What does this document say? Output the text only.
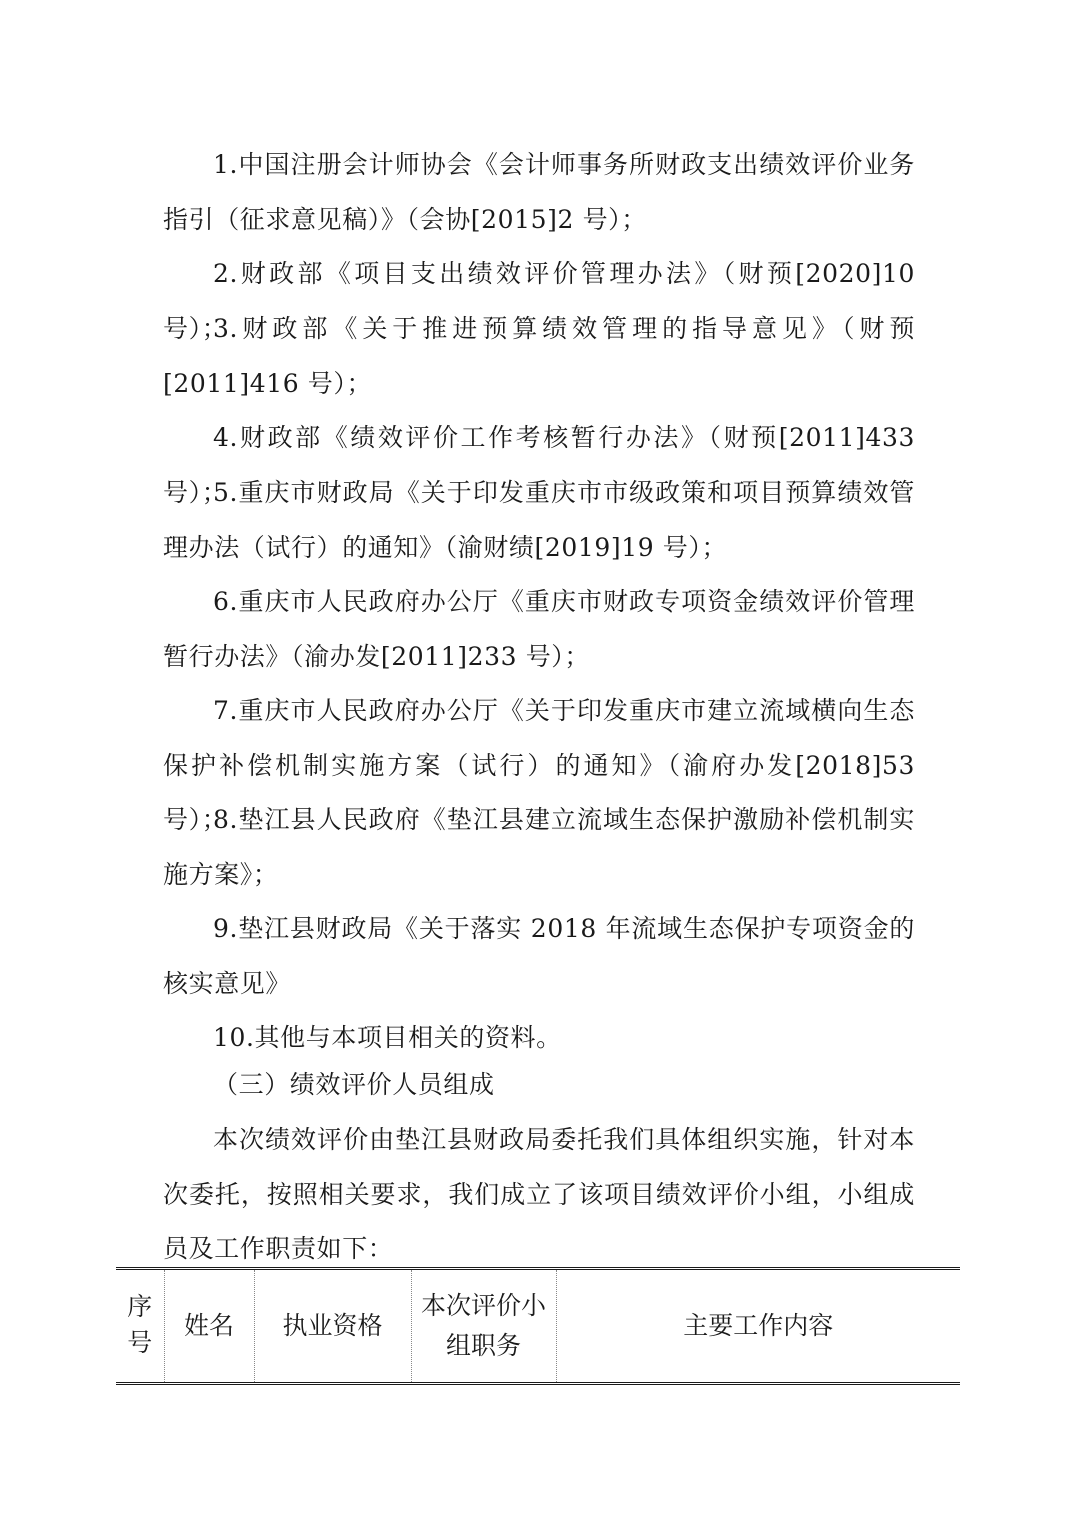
1.中国注册会计师协会《会计师事务所财政支出绩效评价业务指引（征求意见稿）》（会协[2015]2 号）；

2.财政部《项目支出绩效评价管理办法》（财预[2020]10 号）；

3.财政部《关于推进预算绩效管理的指导意见》（财预[2011]416 号）；

4.财政部《绩效评价工作考核暂行办法》（财预[2011]433 号）；

5.重庆市财政局《关于印发重庆市市级政策和项目预算绩效管理办法（试行）的通知》（渝财绩[2019]19 号）；

6.重庆市人民政府办公厅《重庆市财政专项资金绩效评价管理暂行办法》（渝办发[2011]233 号）；

7.重庆市人民政府办公厅《关于印发重庆市建立流域横向生态保护补偿机制实施方案（试行）的通知》（渝府办发[2018]53 号）；

8.垫江县人民政府《垫江县建立流域生态保护激励补偿机制实施方案》；

9.垫江县财政局《关于落实 2018 年流域生态保护专项资金的核实意见》

10.其他与本项目相关的资料。

（三）绩效评价人员组成

本次绩效评价由垫江县财政局委托我们具体组织实施，针对本次委托，按照相关要求，我们成立了该项目绩效评价小组，小组成员及工作职责如下：

序号	姓名	执业资格	本次评价小组职务	主要工作内容
